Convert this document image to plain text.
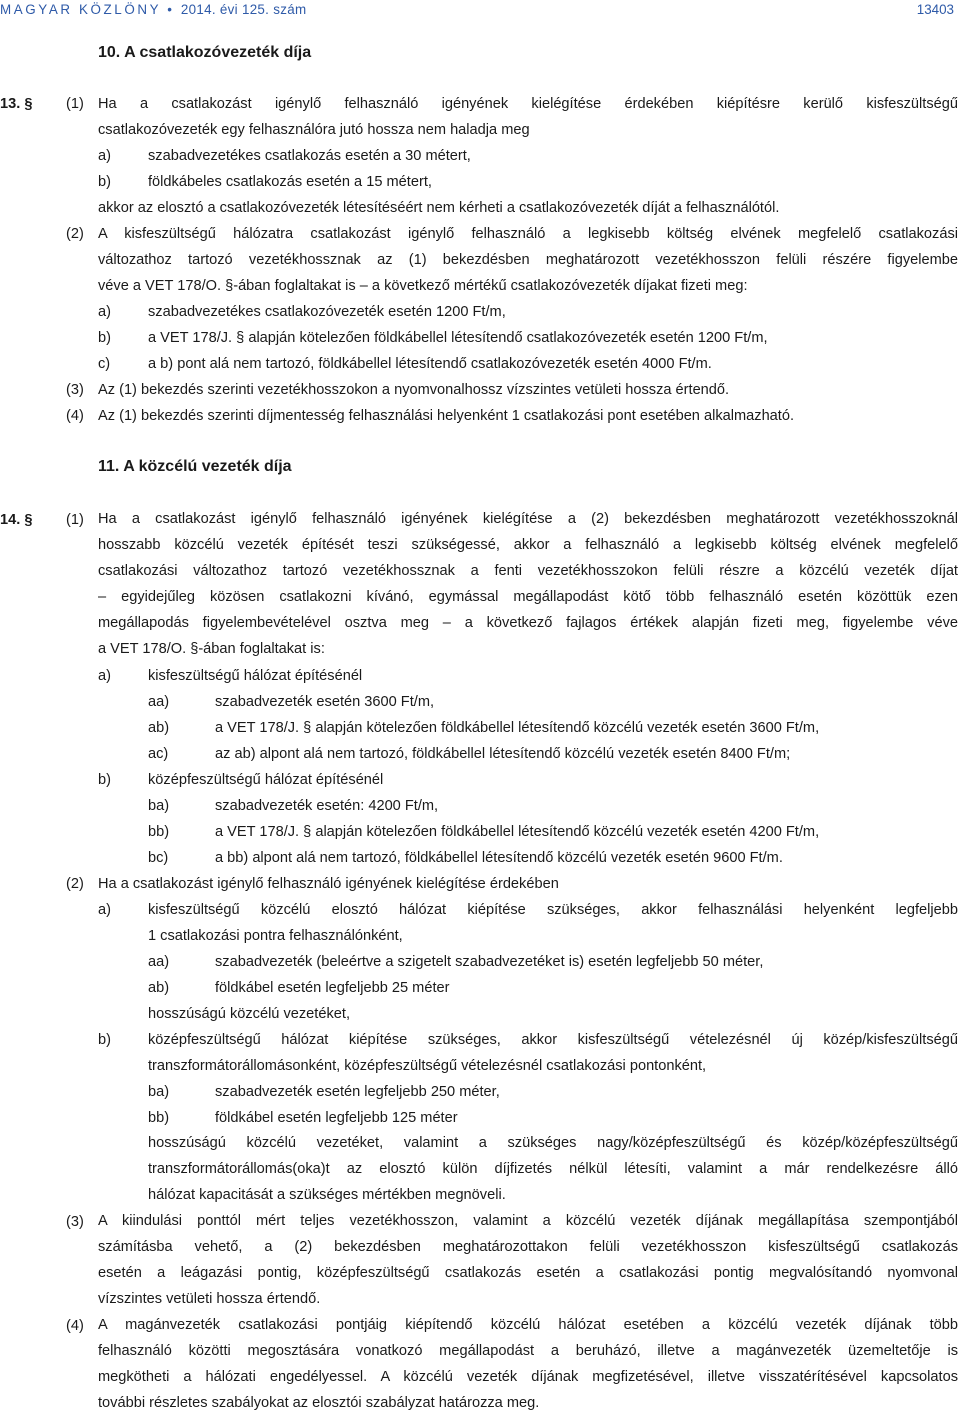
MAGYAR KÖZLÖNY • 2014. évi 125. szám	13403
10. A csatlakozóvezeték díja
13. § (1) Ha a csatlakozást igénylő felhasználó igényének kielégítése érdekében kiépítésre kerülő kisfeszültségű
csatlakozóvezeték egy felhasználóra jutó hossza nem haladja meg
a)	szabadvezetékes csatlakozás esetén a 30 métert,
b)	földkábeles csatlakozás esetén a 15 métert,
akkor az elosztó a csatlakozóvezeték létesítéséért nem kérheti a csatlakozóvezeték díját a felhasználótól.
(2) A kisfeszültségű hálózatra csatlakozást igénylő felhasználó a legkisebb költség elvének megfelelő csatlakozási
változathoz tartozó vezetékhossznak az (1) bekezdésben meghatározott vezetékhosszon felüli részére figyelembe
véve a VET 178/O. §-ában foglaltakat is – a következő mértékű csatlakozóvezeték díjakat fizeti meg:
a)	szabadvezetékes csatlakozóvezeték esetén 1200 Ft/m,
b)	a VET 178/J. § alapján kötelezően földkábellel létesítendő csatlakozóvezeték esetén 1200 Ft/m,
c)	a b) pont alá nem tartozó, földkábellel létesítendő csatlakozóvezeték esetén 4000 Ft/m.
(3) Az (1) bekezdés szerinti vezetékhosszokon a nyomvonalhossz vízszintes vetületi hossza értendő.
(4) Az (1) bekezdés szerinti díjmentesség felhasználási helyenként 1 csatlakozási pont esetében alkalmazható.
11. A közcélú vezeték díja
14. § (1) Ha a csatlakozást igénylő felhasználó igényének kielégítése a (2) bekezdésben meghatározott vezetékhosszoknál
hosszabb közcélú vezeték építését teszi szükségessé, akkor a felhasználó a legkisebb költség elvének megfelelő
csatlakozási változathoz tartozó vezetékhossznak a fenti vezetékhosszokon felüli részre a közcélú vezeték díjat
– egyidejűleg közösen csatlakozni kívánó, egymással megállapodást kötő több felhasználó esetén közöttük ezen
megállapodás figyelembevételével osztva meg – a következő fajlagos értékek alapján fizeti meg, figyelembe véve
a VET 178/O. §-ában foglaltakat is:
a)	kisfeszültségű hálózat építésénél
aa)	szabadvezeték esetén 3600 Ft/m,
ab)	a VET 178/J. § alapján kötelezően földkábellel létesítendő közcélú vezeték esetén 3600 Ft/m,
ac)	az ab) alpont alá nem tartozó, földkábellel létesítendő közcélú vezeték esetén 8400 Ft/m;
b)	középfeszültségű hálózat építésénél
ba)	szabadvezeték esetén: 4200 Ft/m,
bb)	a VET 178/J. § alapján kötelezően földkábellel létesítendő közcélú vezeték esetén 4200 Ft/m,
bc)	a bb) alpont alá nem tartozó, földkábellel létesítendő közcélú vezeték esetén 9600 Ft/m.
(2) Ha a csatlakozást igénylő felhasználó igényének kielégítése érdekében
a)	kisfeszültségű közcélú elosztó hálózat kiépítése szükséges, akkor felhasználási helyenként legfeljebb
1 csatlakozási pontra felhasználónként,
aa)	szabadvezeték (beleértve a szigetelt szabadvezetéket is) esetén legfeljebb 50 méter,
ab)	földkábel esetén legfeljebb 25 méter
hosszúságú közcélú vezetéket,
b)	középfeszültségű hálózat kiépítése szükséges, akkor kisfeszültségű vételezésnél új közép/kisfeszültségű
transzformátorállomásonként, középfeszültségű vételezésnél csatlakozási pontonként,
ba)	szabadvezeték esetén legfeljebb 250 méter,
bb)	földkábel esetén legfeljebb 125 méter
hosszúságú közcélú vezetéket, valamint a szükséges nagy/középfeszültségű és közép/középfeszültségű
transzformátorállomás(oka)t az elosztó külön díjfizetés nélkül létesíti, valamint a már rendelkezésre álló
hálózat kapacitását a szükséges mértékben megnöveli.
(3) A kiindulási ponttól mért teljes vezetékhosszon, valamint a közcélú vezeték díjának megállapítása szempontjából
számításba vehető, a (2) bekezdésben meghatározottakon felüli vezetékhosszon kisfeszültségű csatlakozás
esetén a leágazási pontig, középfeszültségű csatlakozás esetén a csatlakozási pontig megvalósítandó nyomvonal
vízszintes vetületi hossza értendő.
(4) A magánvezeték csatlakozási pontjáig kiépítendő közcélú hálózat esetében a közcélú vezeték díjának több
felhasználó közötti megosztására vonatkozó megállapodást a beruházó, illetve a magánvezeték üzemeltetője is
megkötheti a hálózati engedélyessel. A közcélú vezeték díjának megfizetésével, illetve visszatérítésével kapcsolatos
további részletes szabályokat az elosztói szabályzat határozza meg.
